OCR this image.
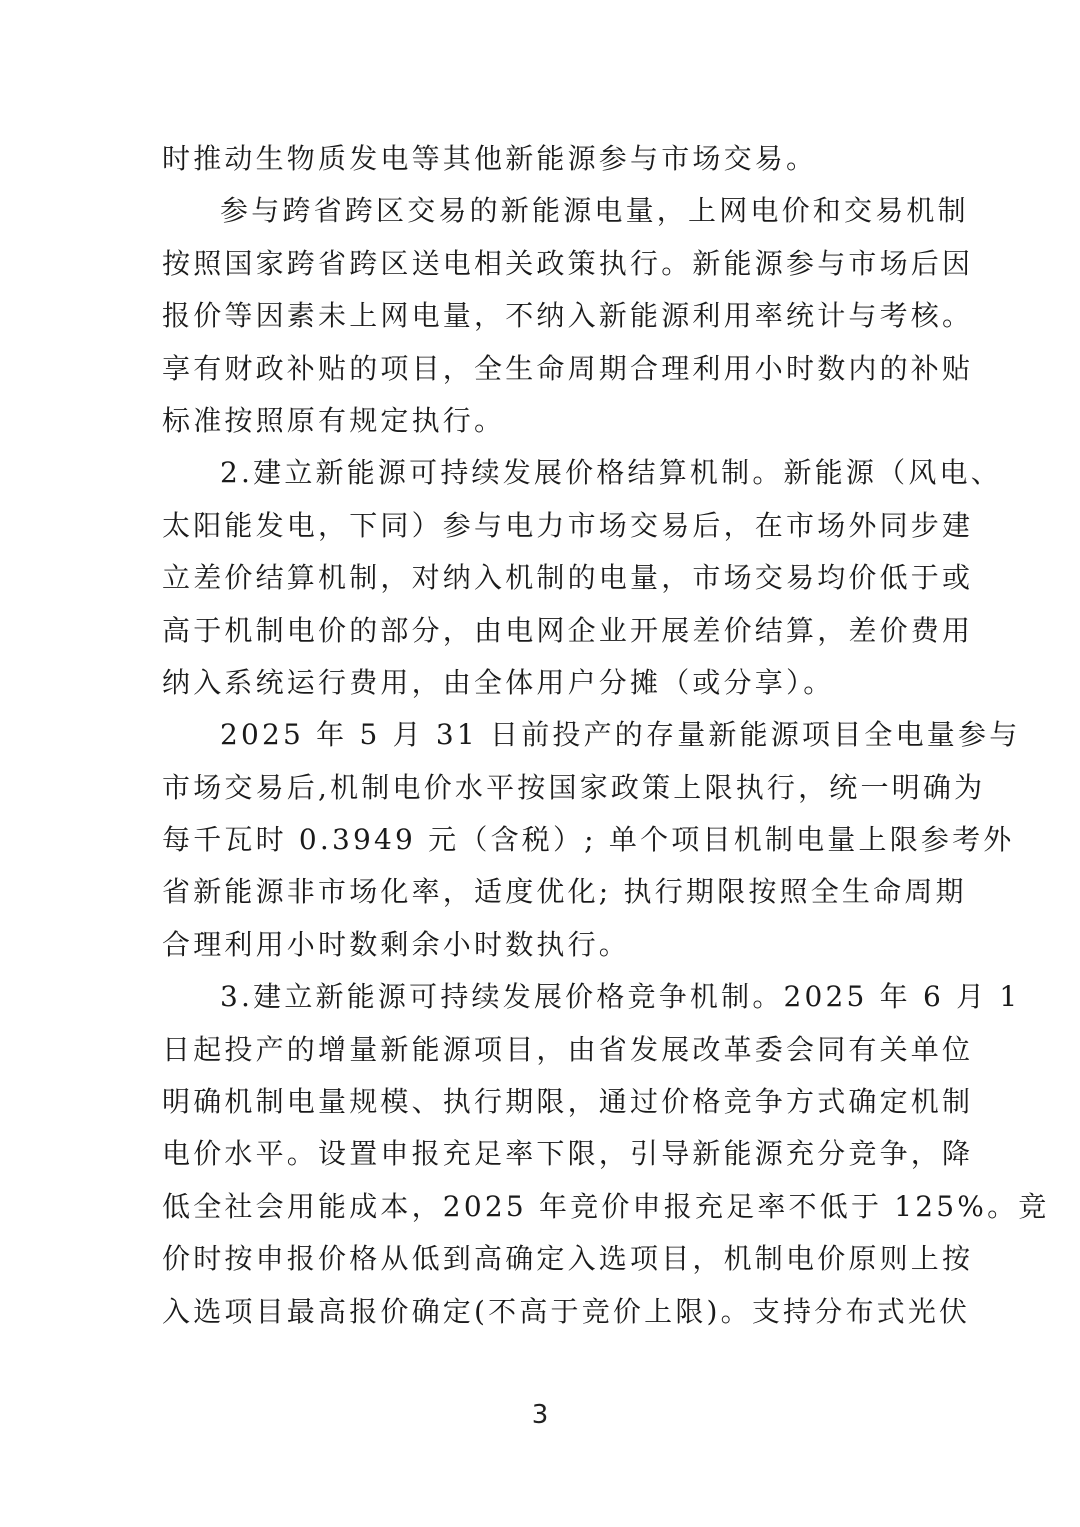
时推动生物质发电等其他新能源参与市场交易。
参与跨省跨区交易的新能源电量，上网电价和交易机制
按照国家跨省跨区送电相关政策执行。新能源参与市场后因
报价等因素未上网电量，不纳入新能源利用率统计与考核。
享有财政补贴的项目，全生命周期合理利用小时数内的补贴
标准按照原有规定执行。
2.建立新能源可持续发展价格结算机制。新能源（风电、
太阳能发电，下同）参与电力市场交易后，在市场外同步建
立差价结算机制，对纳入机制的电量，市场交易均价低于或
高于机制电价的部分，由电网企业开展差价结算，差价费用
纳入系统运行费用，由全体用户分摊（或分享）。
2025 年 5 月 31 日前投产的存量新能源项目全电量参与
市场交易后,机制电价水平按国家政策上限执行，统一明确为
每千瓦时 0.3949 元（含税）; 单个项目机制电量上限参考外
省新能源非市场化率，适度优化; 执行期限按照全生命周期
合理利用小时数剩余小时数执行。
3.建立新能源可持续发展价格竞争机制。2025 年 6 月 1
日起投产的增量新能源项目，由省发展改革委会同有关单位
明确机制电量规模、执行期限，通过价格竞争方式确定机制
电价水平。设置申报充足率下限，引导新能源充分竞争，降
低全社会用能成本，2025 年竞价申报充足率不低于 125%。竞
价时按申报价格从低到高确定入选项目，机制电价原则上按
入选项目最高报价确定(不高于竞价上限)。支持分布式光伏
3
